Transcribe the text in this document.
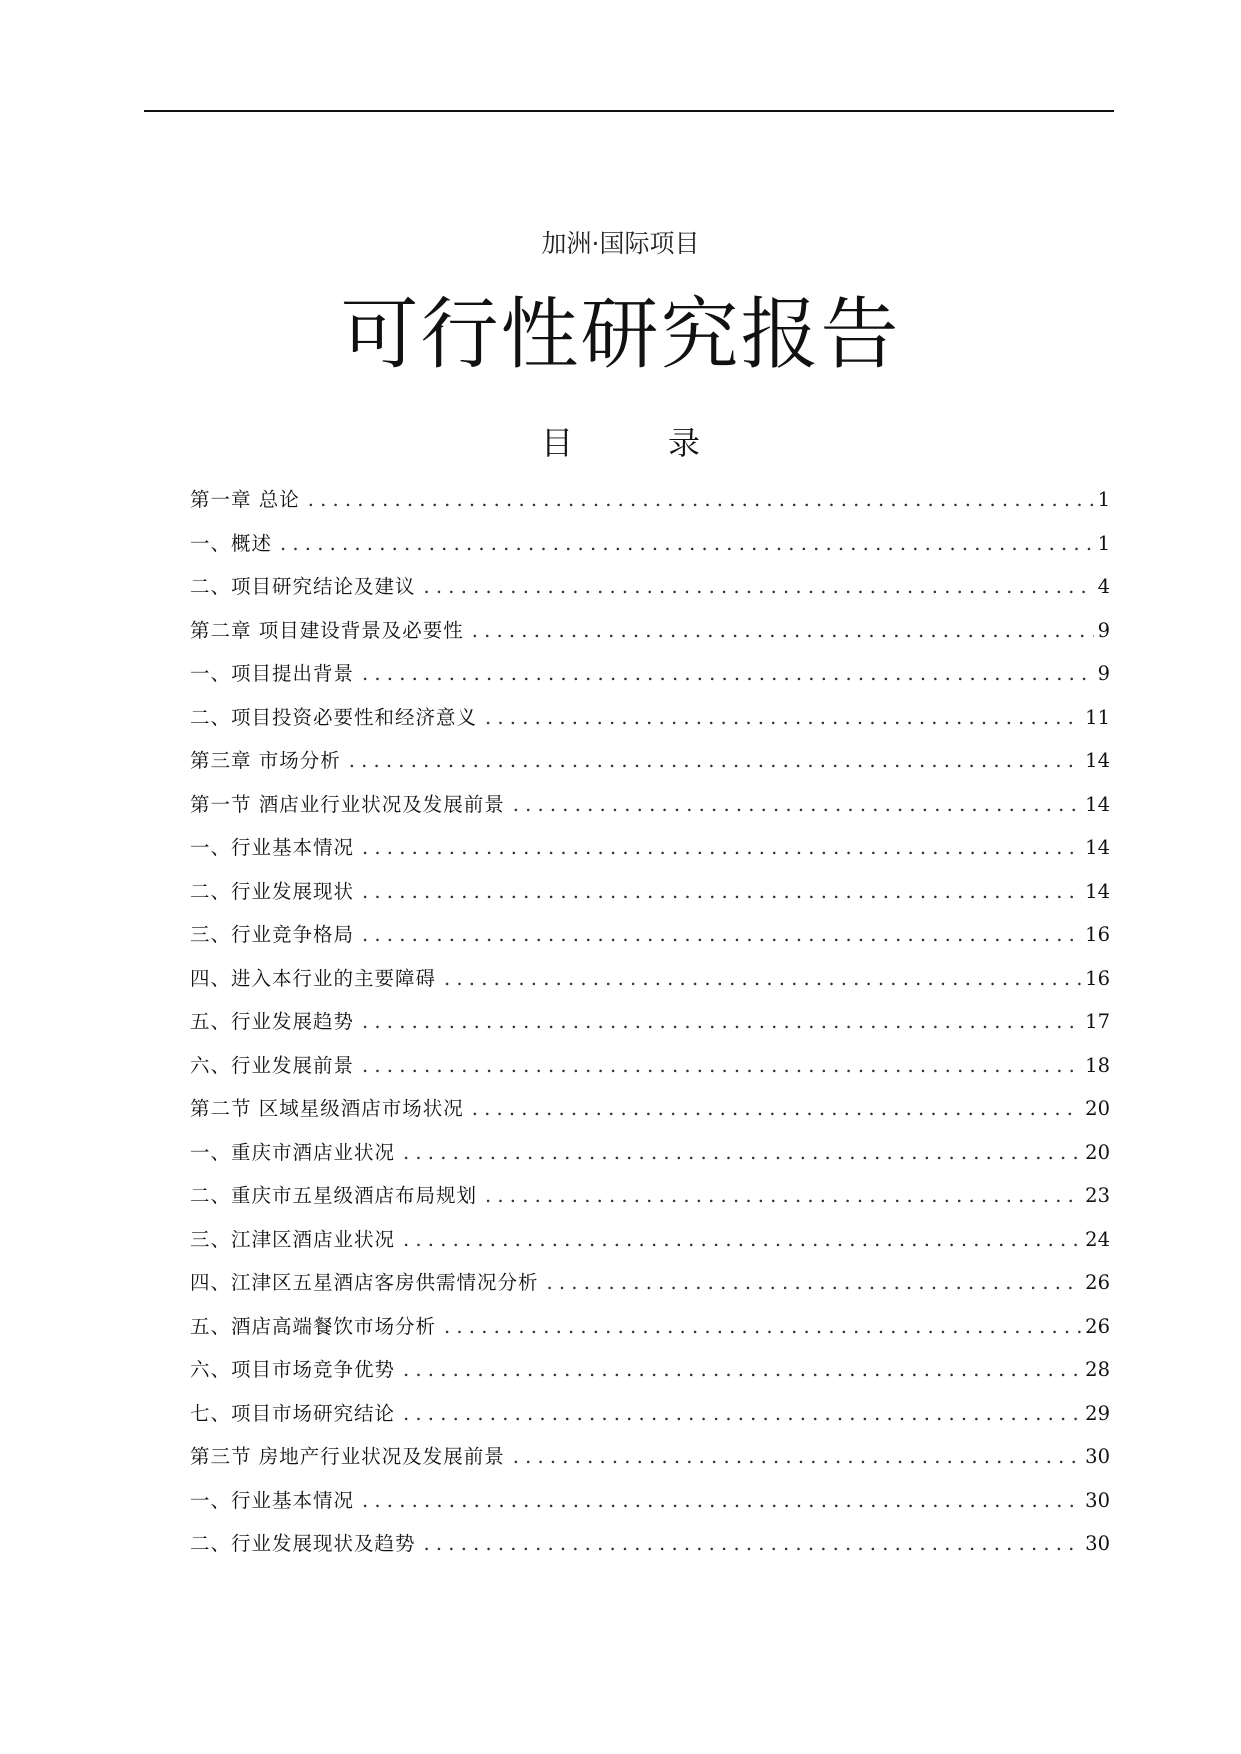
加洲·国际项目
可行性研究报告
目	录
第一章 总论 . . .	1
一、概述 . . .	1
二、项目研究结论及建议 . . .	4
第二章 项目建设背景及必要性 . . .	9
一、项目提出背景 . . .	9
二、项目投资必要性和经济意义 . . .	11
第三章 市场分析 . . .	14
第一节 酒店业行业状况及发展前景 . . .	14
一、行业基本情况 . . .	14
二、行业发展现状 . . .	14
三、行业竞争格局 . . .	16
四、进入本行业的主要障碍 . . .	16
五、行业发展趋势 . . .	17
六、行业发展前景 . . .	18
第二节 区域星级酒店市场状况 . . .	20
一、重庆市酒店业状况 . . .	20
二、重庆市五星级酒店布局规划 . . .	23
三、江津区酒店业状况 . . .	24
四、江津区五星酒店客房供需情况分析 . . .	26
五、酒店高端餐饮市场分析 . . .	26
六、项目市场竞争优势 . . .	28
七、项目市场研究结论 . . .	29
第三节 房地产行业状况及发展前景 . . .	30
一、行业基本情况 . . .	30
二、行业发展现状及趋势 . . .	30
